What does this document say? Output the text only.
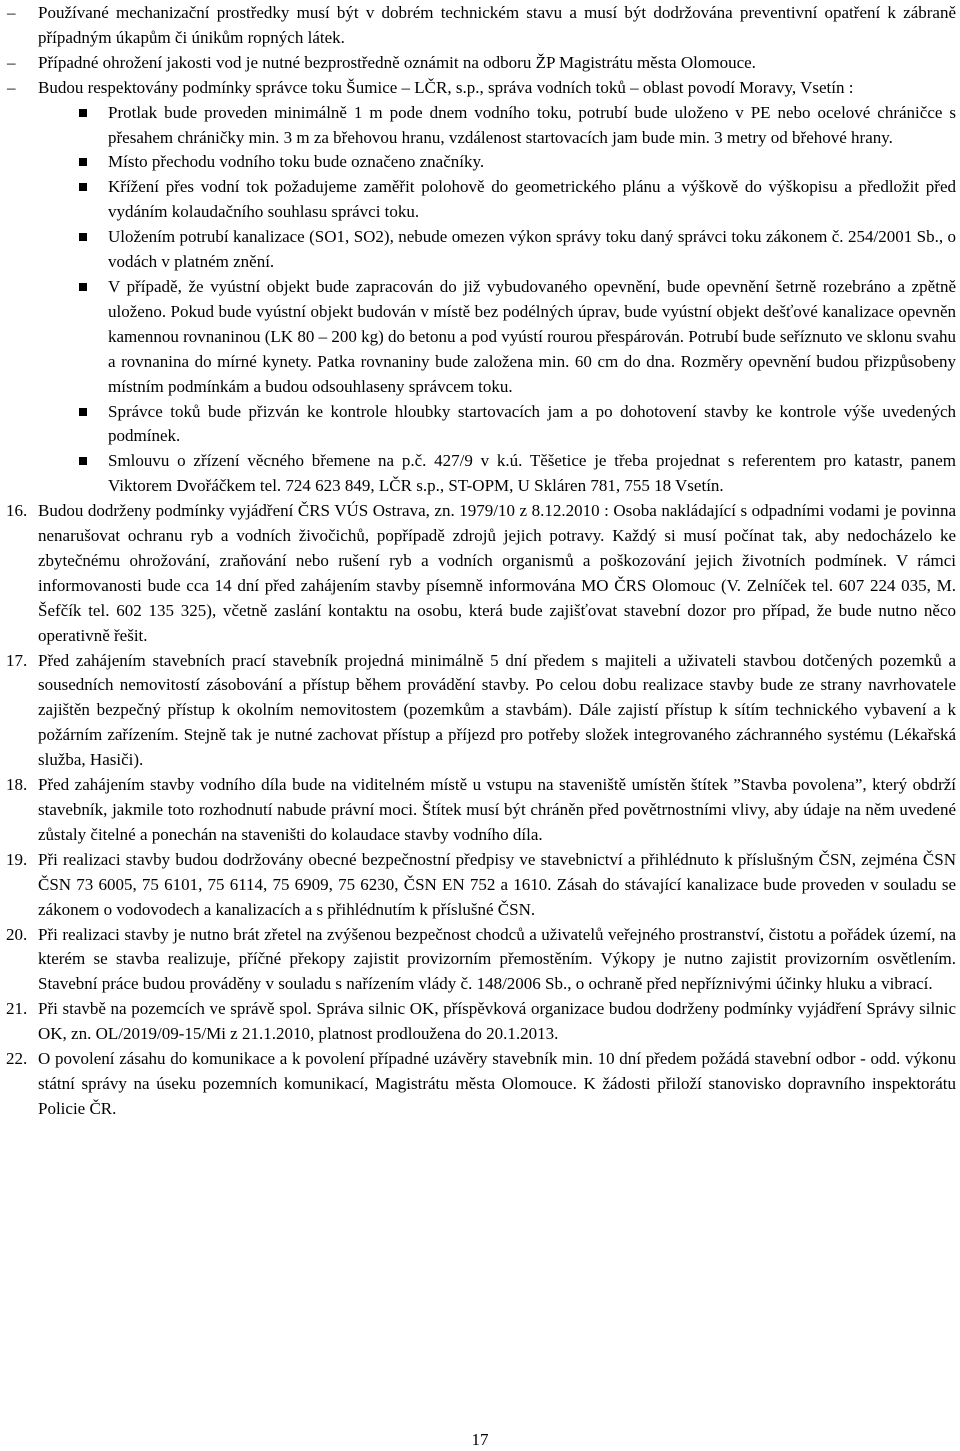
– Používané mechanizační prostředky musí být v dobrém technickém stavu a musí být dodržována preventivní opatření k zábraně případným úkapům či únikům ropných látek.
– Případné ohrožení jakosti vod je nutné bezprostředně oznámit na odboru ŽP Magistrátu města Olomouce.
– Budou respektovány podmínky správce toku Šumice – LČR, s.p., správa vodních toků – oblast povodí Moravy, Vsetín :
Protlak bude proveden minimálně 1 m pode dnem vodního toku, potrubí bude uloženo v PE nebo ocelové chráničce s přesahem chráničky min. 3 m za břehovou hranu, vzdálenost startovacích jam bude min. 3 metry od břehové hrany.
Místo přechodu vodního toku bude označeno značníky.
Křížení přes vodní tok požadujeme zaměřit polohově do geometrického plánu a výškově do výškopisu a předložit před vydáním kolaudačního souhlasu správci toku.
Uložením potrubí kanalizace (SO1, SO2), nebude omezen výkon správy toku daný správci toku zákonem č. 254/2001 Sb., o vodách v platném znění.
V případě, že vyústní objekt bude zapracován do již vybudovaného opevnění, bude opevnění šetrně rozebráno a zpětně uloženo. Pokud bude vyústní objekt budován v místě bez podélných úprav, bude vyústní objekt dešťové kanalizace opevněn kamennou rovnaninou (LK 80 – 200 kg) do betonu a pod vyústí rourou přespárován. Potrubí bude seříznuto ve sklonu svahu a rovnanina do mírné kynety. Patka rovnaniny bude založena min. 60 cm do dna. Rozměry opevnění budou přizpůsobeny místním podmínkám a budou odsouhlaseny správcem toku.
Správce toků bude přizván ke kontrole hloubky startovacích jam a po dohotovení stavby ke kontrole výše uvedených podmínek.
Smlouvu o zřízení věcného břemene na p.č. 427/9 v k.ú. Těšetice je třeba projednat s referentem pro katastr, panem Viktorem Dvořáčkem tel. 724 623 849, LČR s.p., ST-OPM, U Skláren 781, 755 18 Vsetín.
16. Budou dodrženy podmínky vyjádření ČRS VÚS Ostrava, zn. 1979/10 z 8.12.2010 : Osoba nakládající s odpadními vodami je povinna nenarušovat ochranu ryb a vodních živočichů, popřípadě zdrojů jejich potravy. Každý si musí počínat tak, aby nedocházelo ke zbytečnému ohrožování, zraňování nebo rušení ryb a vodních organismů a poškozování jejich životních podmínek. V rámci informovanosti bude cca 14 dní před zahájením stavby písemně informována MO ČRS Olomouc (V. Zelníček tel. 607 224 035, M. Šefčík tel. 602 135 325), včetně zaslání kontaktu na osobu, která bude zajišťovat stavební dozor pro případ, že bude nutno něco operativně řešit.
17. Před zahájením stavebních prací stavebník projedná minimálně 5 dní předem s majiteli a uživateli stavbou dotčených pozemků a sousedních nemovitostí zásobování a přístup během provádění stavby. Po celou dobu realizace stavby bude ze strany navrhovatele zajištěn bezpečný přístup k okolním nemovitostem (pozemkům a stavbám). Dále zajistí přístup k sítím technického vybavení a k požárním zařízením. Stejně tak je nutné zachovat přístup a příjezd pro potřeby složek integrovaného záchranného systému (Lékařská služba, Hasiči).
18. Před zahájením stavby vodního díla bude na viditelném místě u vstupu na staveniště umístěn štítek ”Stavba povolena”, který obdrží stavebník, jakmile toto rozhodnutí nabude právní moci. Štítek musí být chráněn před povětrnostními vlivy, aby údaje na něm uvedené zůstaly čitelné a ponechán na staveništi do kolaudace stavby vodního díla.
19. Při realizaci stavby budou dodržovány obecné bezpečnostní předpisy ve stavebnictví a přihlédnuto k příslušným ČSN, zejména ČSN ČSN 73 6005, 75 6101, 75 6114, 75 6909, 75 6230, ČSN EN 752 a 1610. Zásah do stávající kanalizace bude proveden v souladu se zákonem o vodovodech a kanalizacích a s přihlédnutím k příslušné ČSN.
20. Při realizaci stavby je nutno brát zřetel na zvýšenou bezpečnost chodců a uživatelů veřejného prostranství, čistotu a pořádek území, na kterém se stavba realizuje, příčné překopy zajistit provizorním přemostěním. Výkopy je nutno zajistit provizorním osvětlením. Stavební práce budou prováděny v souladu s nařízením vlády č. 148/2006 Sb., o ochraně před nepříznivými účinky hluku a vibrací.
21. Při stavbě na pozemcích ve správě spol. Správa silnic OK, příspěvková organizace budou dodrženy podmínky vyjádření Správy silnic OK, zn. OL/2019/09-15/Mi z 21.1.2010, platnost prodloužena do 20.1.2013.
22. O povolení zásahu do komunikace a k povolení případné uzávěry stavebník min. 10 dní předem požádá stavební odbor - odd. výkonu státní správy na úseku pozemních komunikací, Magistrátu města Olomouce. K žádosti přiloží stanovisko dopravního inspektorátu Policie ČR.
17
